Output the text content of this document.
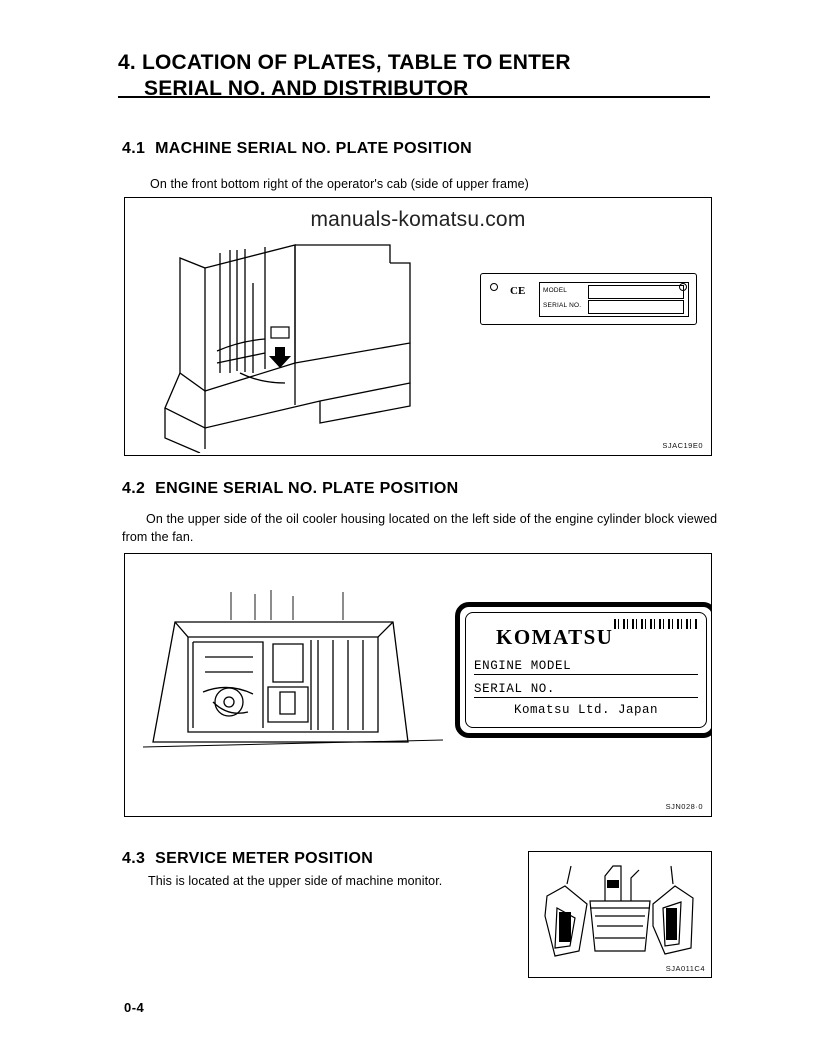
4. LOCATION OF PLATES, TABLE TO ENTER
SERIAL NO. AND DISTRIBUTOR
4.1 MACHINE SERIAL NO. PLATE POSITION
On the front bottom right of the operator's cab (side of upper frame)
manuals-komatsu.com
CE	MODEL
SERIAL NO.
SJAC19E0
4.2 ENGINE SERIAL NO. PLATE POSITION
On the upper side of the oil cooler housing located on the left side of the engine cylinder block viewed from the fan.
KOMATSU
ENGINE MODEL
SERIAL NO.
Komatsu Ltd. Japan
SJN028·0
4.3 SERVICE METER POSITION
This is located at the upper side of machine monitor.
SJA011C4
0-4
